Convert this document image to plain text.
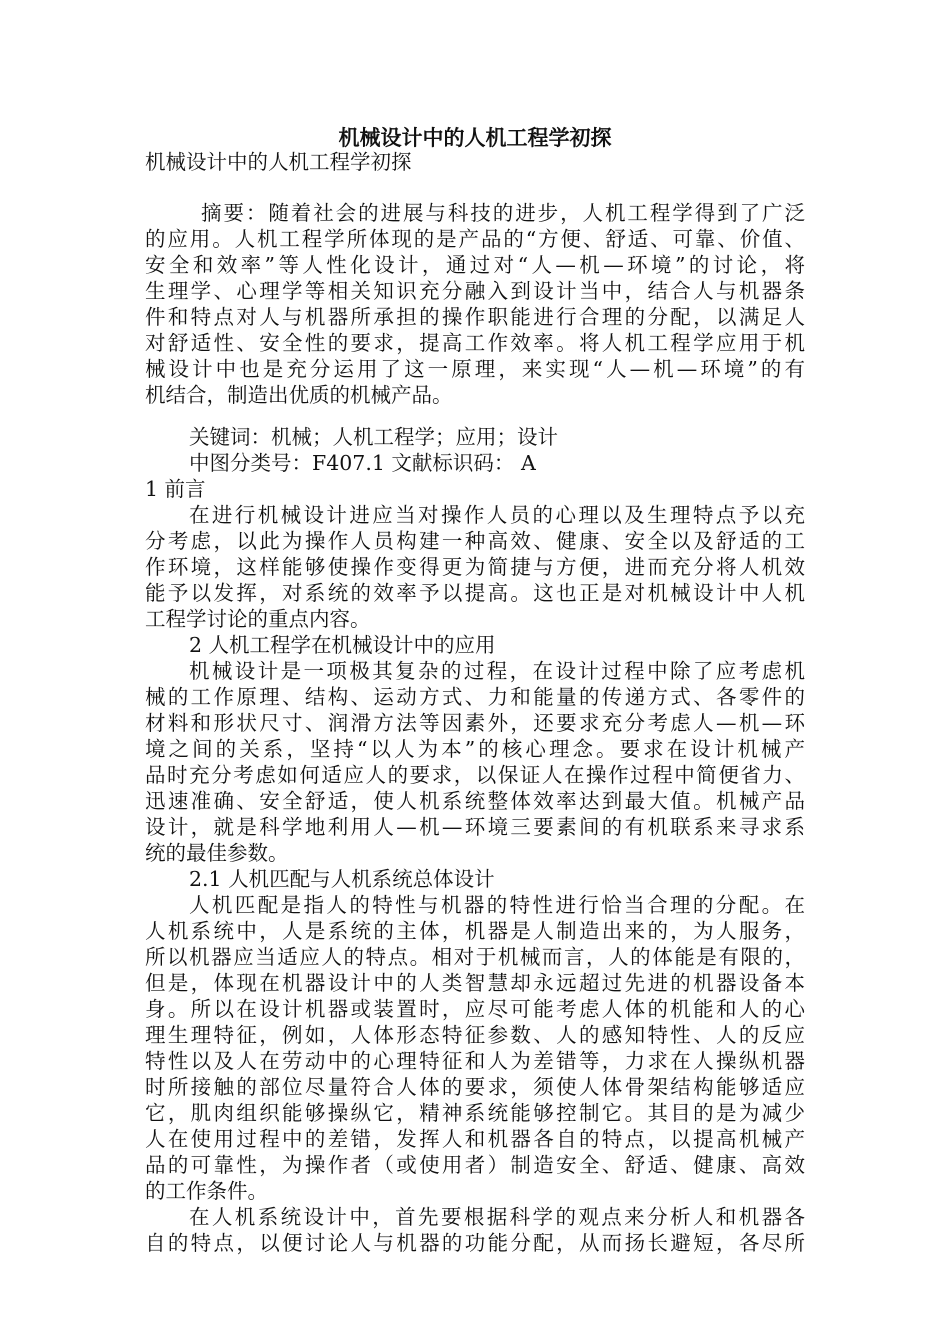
机械设计中的人机工程学初探
机械设计中的人机工程学初探
摘要：随着社会的进展与科技的进步，人机工程学得到了广泛
的应用。人机工程学所体现的是产品的“方便、舒适、可靠、价值、
安全和效率”等人性化设计，通过对“人—机—环境”的讨论，将
生理学、心理学等相关知识充分融入到设计当中，结合人与机器条
件和特点对人与机器所承担的操作职能进行合理的分配，以满足人
对舒适性、安全性的要求，提高工作效率。将人机工程学应用于机
械设计中也是充分运用了这一原理，来实现“人—机—环境”的有
机结合，制造出优质的机械产品。
关键词：机械；人机工程学；应用；设计
中图分类号：F407.1 文献标识码： A
1 前言
在进行机械设计进应当对操作人员的心理以及生理特点予以充
分考虑，以此为操作人员构建一种高效、健康、安全以及舒适的工
作环境，这样能够使操作变得更为简捷与方便，进而充分将人机效
能予以发挥，对系统的效率予以提高。这也正是对机械设计中人机
工程学讨论的重点内容。
2 人机工程学在机械设计中的应用
机械设计是一项极其复杂的过程，在设计过程中除了应考虑机
械的工作原理、结构、运动方式、力和能量的传递方式、各零件的
材料和形状尺寸、润滑方法等因素外，还要求充分考虑人—机—环
境之间的关系，坚持“以人为本”的核心理念。要求在设计机械产
品时充分考虑如何适应人的要求，以保证人在操作过程中简便省力、
迅速准确、安全舒适，使人机系统整体效率达到最大值。机械产品
设计，就是科学地利用人—机—环境三要素间的有机联系来寻求系
统的最佳参数。
2.1 人机匹配与人机系统总体设计
人机匹配是指人的特性与机器的特性进行恰当合理的分配。在
人机系统中，人是系统的主体，机器是人制造出来的，为人服务，
所以机器应当适应人的特点。相对于机械而言，人的体能是有限的，
但是，体现在机器设计中的人类智慧却永远超过先进的机器设备本
身。所以在设计机器或装置时，应尽可能考虑人体的机能和人的心
理生理特征，例如，人体形态特征参数、人的感知特性、人的反应
特性以及人在劳动中的心理特征和人为差错等，力求在人操纵机器
时所接触的部位尽量符合人体的要求，须使人体骨架结构能够适应
它，肌肉组织能够操纵它，精神系统能够控制它。其目的是为减少
人在使用过程中的差错，发挥人和机器各自的特点，以提高机械产
品的可靠性，为操作者（或使用者）制造安全、舒适、健康、高效
的工作条件。
在人机系统设计中，首先要根据科学的观点来分析人和机器各
自的特点，以便讨论人与机器的功能分配，从而扬长避短，各尽所
